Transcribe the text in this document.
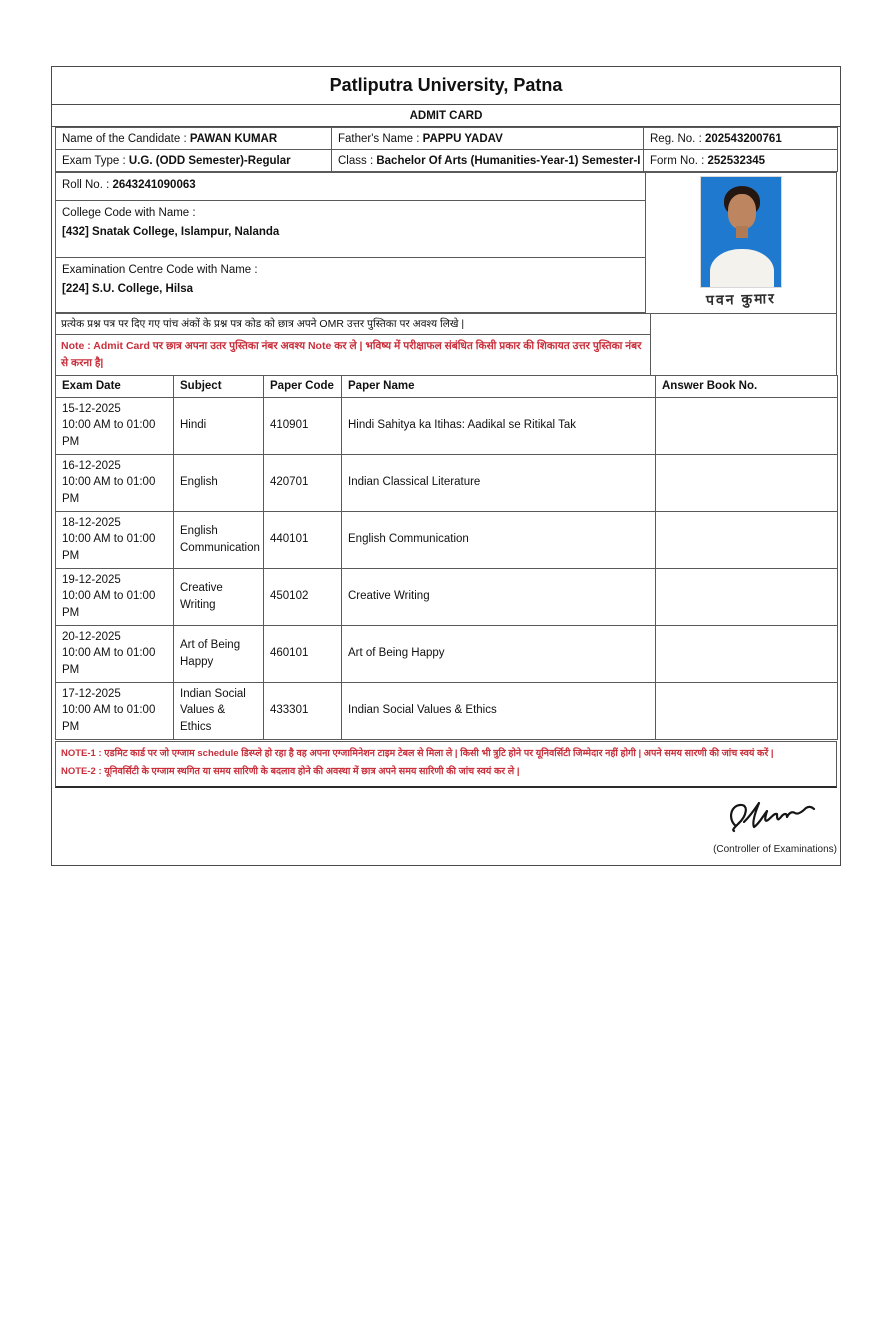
Patliputra University, Patna
ADMIT CARD
Name of the Candidate : PAWAN KUMAR	Father's Name : PAPPU YADAV	Reg. No. : 202543200761
Exam Type : U.G. (ODD Semester)-Regular	Class : Bachelor Of Arts (Humanities-Year-1) Semester-I	Form No. : 252532345
Roll No. : 2643241090063
College Code with Name :
[432] Snatak College, Islampur, Nalanda
Examination Centre Code with Name :
[224] S.U. College, Hilsa
पवन कुमार
प्रत्येक प्रश्न पत्र पर दिए गए पांच अंकों के प्रश्न पत्र कोड को छात्र अपने OMR उत्तर पुस्तिका पर अवश्य लिखे |
Note : Admit Card पर छात्र अपना उतर पुस्तिका नंबर अवश्य Note कर ले | भविष्य में परीक्षाफल संबंधित किसी प्रकार की शिकायत उत्तर पुस्तिका नंबर से करना है|
Exam Date	Subject	Paper Code	Paper Name	Answer Book No.

15-12-2025
10:00 AM to 01:00 PM	Hindi	410901	Hindi Sahitya ka Itihas: Aadikal se Ritikal Tak	

16-12-2025
10:00 AM to 01:00 PM	English	420701	Indian Classical Literature	

18-12-2025
10:00 AM to 01:00 PM	English Communication	440101	English Communication	

19-12-2025
10:00 AM to 01:00 PM	Creative Writing	450102	Creative Writing	

20-12-2025
10:00 AM to 01:00 PM	Art of Being Happy	460101	Art of Being Happy	

17-12-2025
10:00 AM to 01:00 PM	Indian Social Values & Ethics	433301	Indian Social Values & Ethics	
NOTE-1 : एडमिट कार्ड पर जो एग्जाम schedule डिस्प्ले हो रहा है वह अपना एग्जामिनेशन टाइम टेबल से मिला ले | किसी भी त्रुटि होने पर यूनिवर्सिटी जिम्मेदार नहीं होगी | अपने समय सारणी की जांच स्वयं करें |
NOTE-2 : यूनिवर्सिटी के एग्जाम स्थगित या समय सारिणी के बदलाव होने की अवस्था में छात्र अपने समय सारिणी की जांच स्वयं कर ले |
(Controller of Examinations)
